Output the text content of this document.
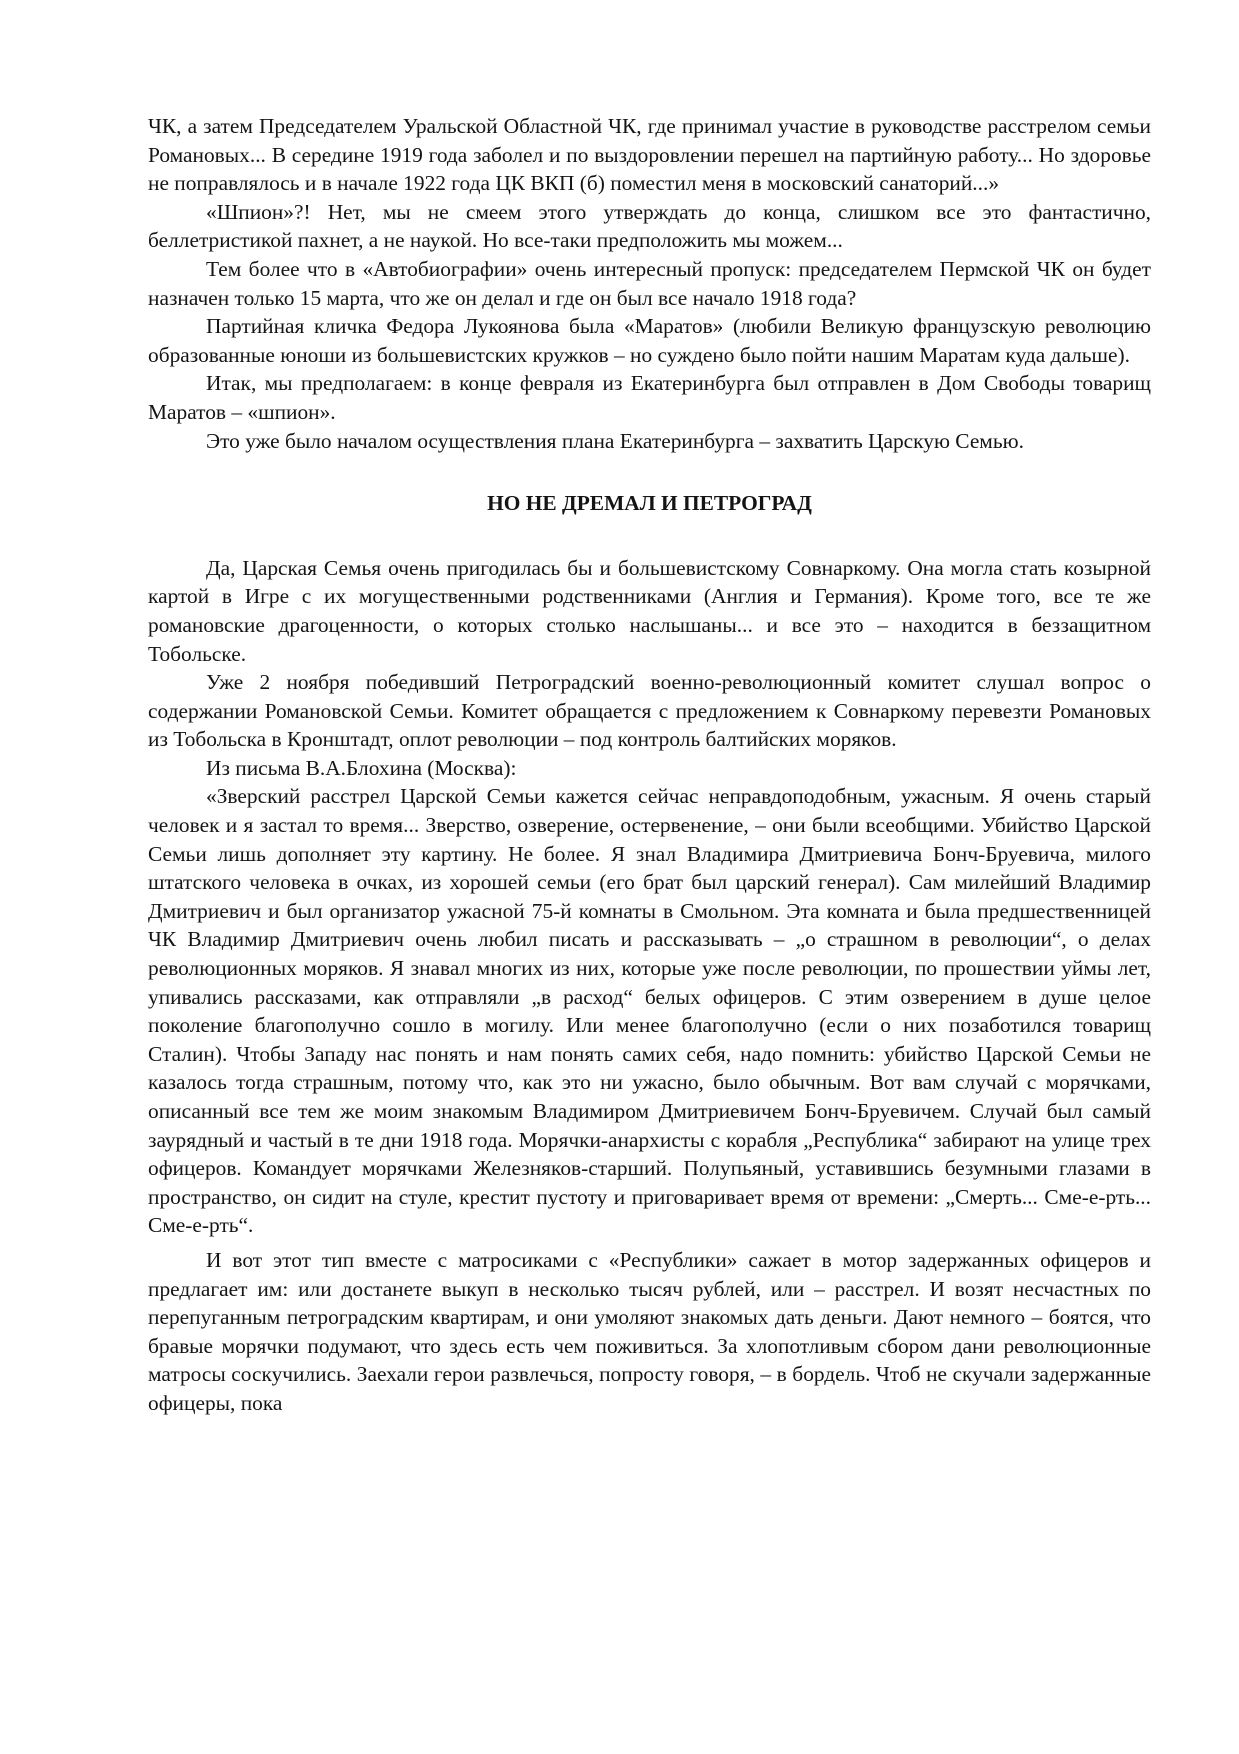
ЧК, а затем Председателем Уральской Областной ЧК, где принимал участие в руководстве расстрелом семьи Романовых... В середине 1919 года заболел и по выздоровлении перешел на партийную работу... Но здоровье не поправлялось и в начале 1922 года ЦК ВКП (б) поместил меня в московский санаторий...»

«Шпион»?! Нет, мы не смеем этого утверждать до конца, слишком все это фантастично, беллетристикой пахнет, а не наукой. Но все-таки предположить мы можем...

Тем более что в «Автобиографии» очень интересный пропуск: председателем Пермской ЧК он будет назначен только 15 марта, что же он делал и где он был все начало 1918 года?

Партийная кличка Федора Лукоянова была «Маратов» (любили Великую французскую революцию образованные юноши из большевистских кружков – но суждено было пойти нашим Маратам куда дальше).

Итак, мы предполагаем: в конце февраля из Екатеринбурга был отправлен в Дом Свободы товарищ Маратов – «шпион».

Это уже было началом осуществления плана Екатеринбурга – захватить Царскую Семью.

НО НЕ ДРЕМАЛ И ПЕТРОГРАД

Да, Царская Семья очень пригодилась бы и большевистскому Совнаркому. Она могла стать козырной картой в Игре с их могущественными родственниками (Англия и Германия). Кроме того, все те же романовские драгоценности, о которых столько наслышаны... и все это – находится в беззащитном Тобольске.

Уже 2 ноября победивший Петроградский военно-революционный комитет слушал вопрос о содержании Романовской Семьи. Комитет обращается с предложением к Совнаркому перевезти Романовых из Тобольска в Кронштадт, оплот революции – под контроль балтийских моряков.

Из письма В.А.Блохина (Москва):

«Зверский расстрел Царской Семьи кажется сейчас неправдоподобным, ужасным. Я очень старый человек и я застал то время... Зверство, озверение, остервенение, – они были всеобщими. Убийство Царской Семьи лишь дополняет эту картину. Не более. Я знал Владимира Дмитриевича Бонч-Бруевича, милого штатского человека в очках, из хорошей семьи (его брат был царский генерал). Сам милейший Владимир Дмитриевич и был организатор ужасной 75-й комнаты в Смольном. Эта комната и была предшественницей ЧК Владимир Дмитриевич очень любил писать и рассказывать – „о страшном в революции“, о делах революционных моряков. Я знавал многих из них, которые уже после революции, по прошествии уймы лет, упивались рассказами, как отправляли „в расход“ белых офицеров. С этим озверением в душе целое поколение благополучно сошло в могилу. Или менее благополучно (если о них позаботился товарищ Сталин). Чтобы Западу нас понять и нам понять самих себя, надо помнить: убийство Царской Семьи не казалось тогда страшным, потому что, как это ни ужасно, было обычным. Вот вам случай с морячками, описанный все тем же моим знакомым Владимиром Дмитриевичем Бонч-Бруевичем. Случай был самый заурядный и частый в те дни 1918 года. Морячки-анархисты с корабля „Республика“ забирают на улице трех офицеров. Командует морячками Железняков-старший. Полупьяный, уставившись безумными глазами в пространство, он сидит на стуле, крестит пустоту и приговаривает время от времени: „Смерть... Сме-е-рть... Сме-е-рть“.

И вот этот тип вместе с матросиками с «Республики» сажает в мотор задержанных офицеров и предлагает им: или достанете выкуп в несколько тысяч рублей, или – расстрел. И возят несчастных по перепуганным петроградским квартирам, и они умоляют знакомых дать деньги. Дают немного – боятся, что бравые морячки подумают, что здесь есть чем поживиться. За хлопотливым сбором дани революционные матросы соскучились. Заехали герои развлечься, попросту говоря, – в бордель. Чтоб не скучали задержанные офицеры, пока
